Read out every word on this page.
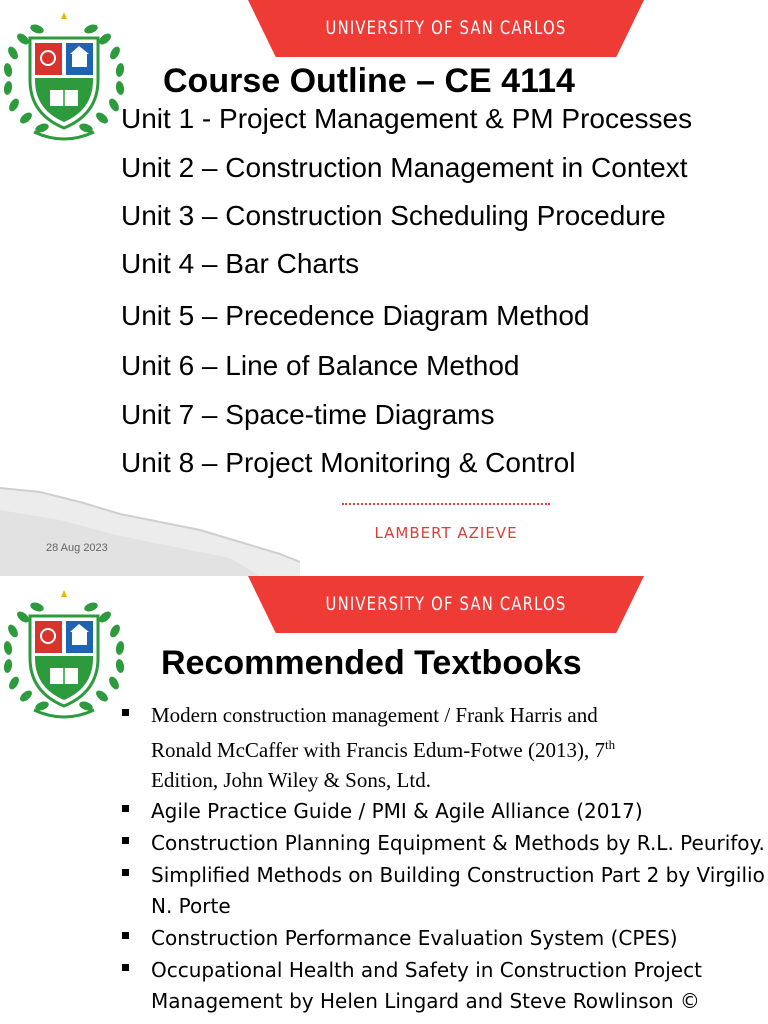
UNIVERSITY OF SAN CARLOS
Course Outline – CE 4114
Unit 1 - Project Management & PM Processes
Unit 2 – Construction Management in Context
Unit 3 – Construction Scheduling Procedure
Unit 4 – Bar Charts
Unit 5 – Precedence Diagram Method
Unit 6 – Line of Balance Method
Unit 7 – Space-time Diagrams
Unit 8 – Project Monitoring & Control
LAMBERT AZIEVE
28 Aug 2023
UNIVERSITY OF SAN CARLOS
Recommended Textbooks
Modern construction management / Frank Harris and
Ronald McCaffer with Francis Edum-Fotwe (2013), 7th
Edition, John Wiley & Sons, Ltd.
Agile Practice Guide / PMI & Agile Alliance (2017)
Construction Planning Equipment & Methods by R.L. Peurifoy.
Simplified Methods on Building Construction Part 2 by Virgilio N. Porte
Construction Performance Evaluation System (CPES)
Occupational Health and Safety in Construction Project Management by Helen Lingard and Steve Rowlinson ©
